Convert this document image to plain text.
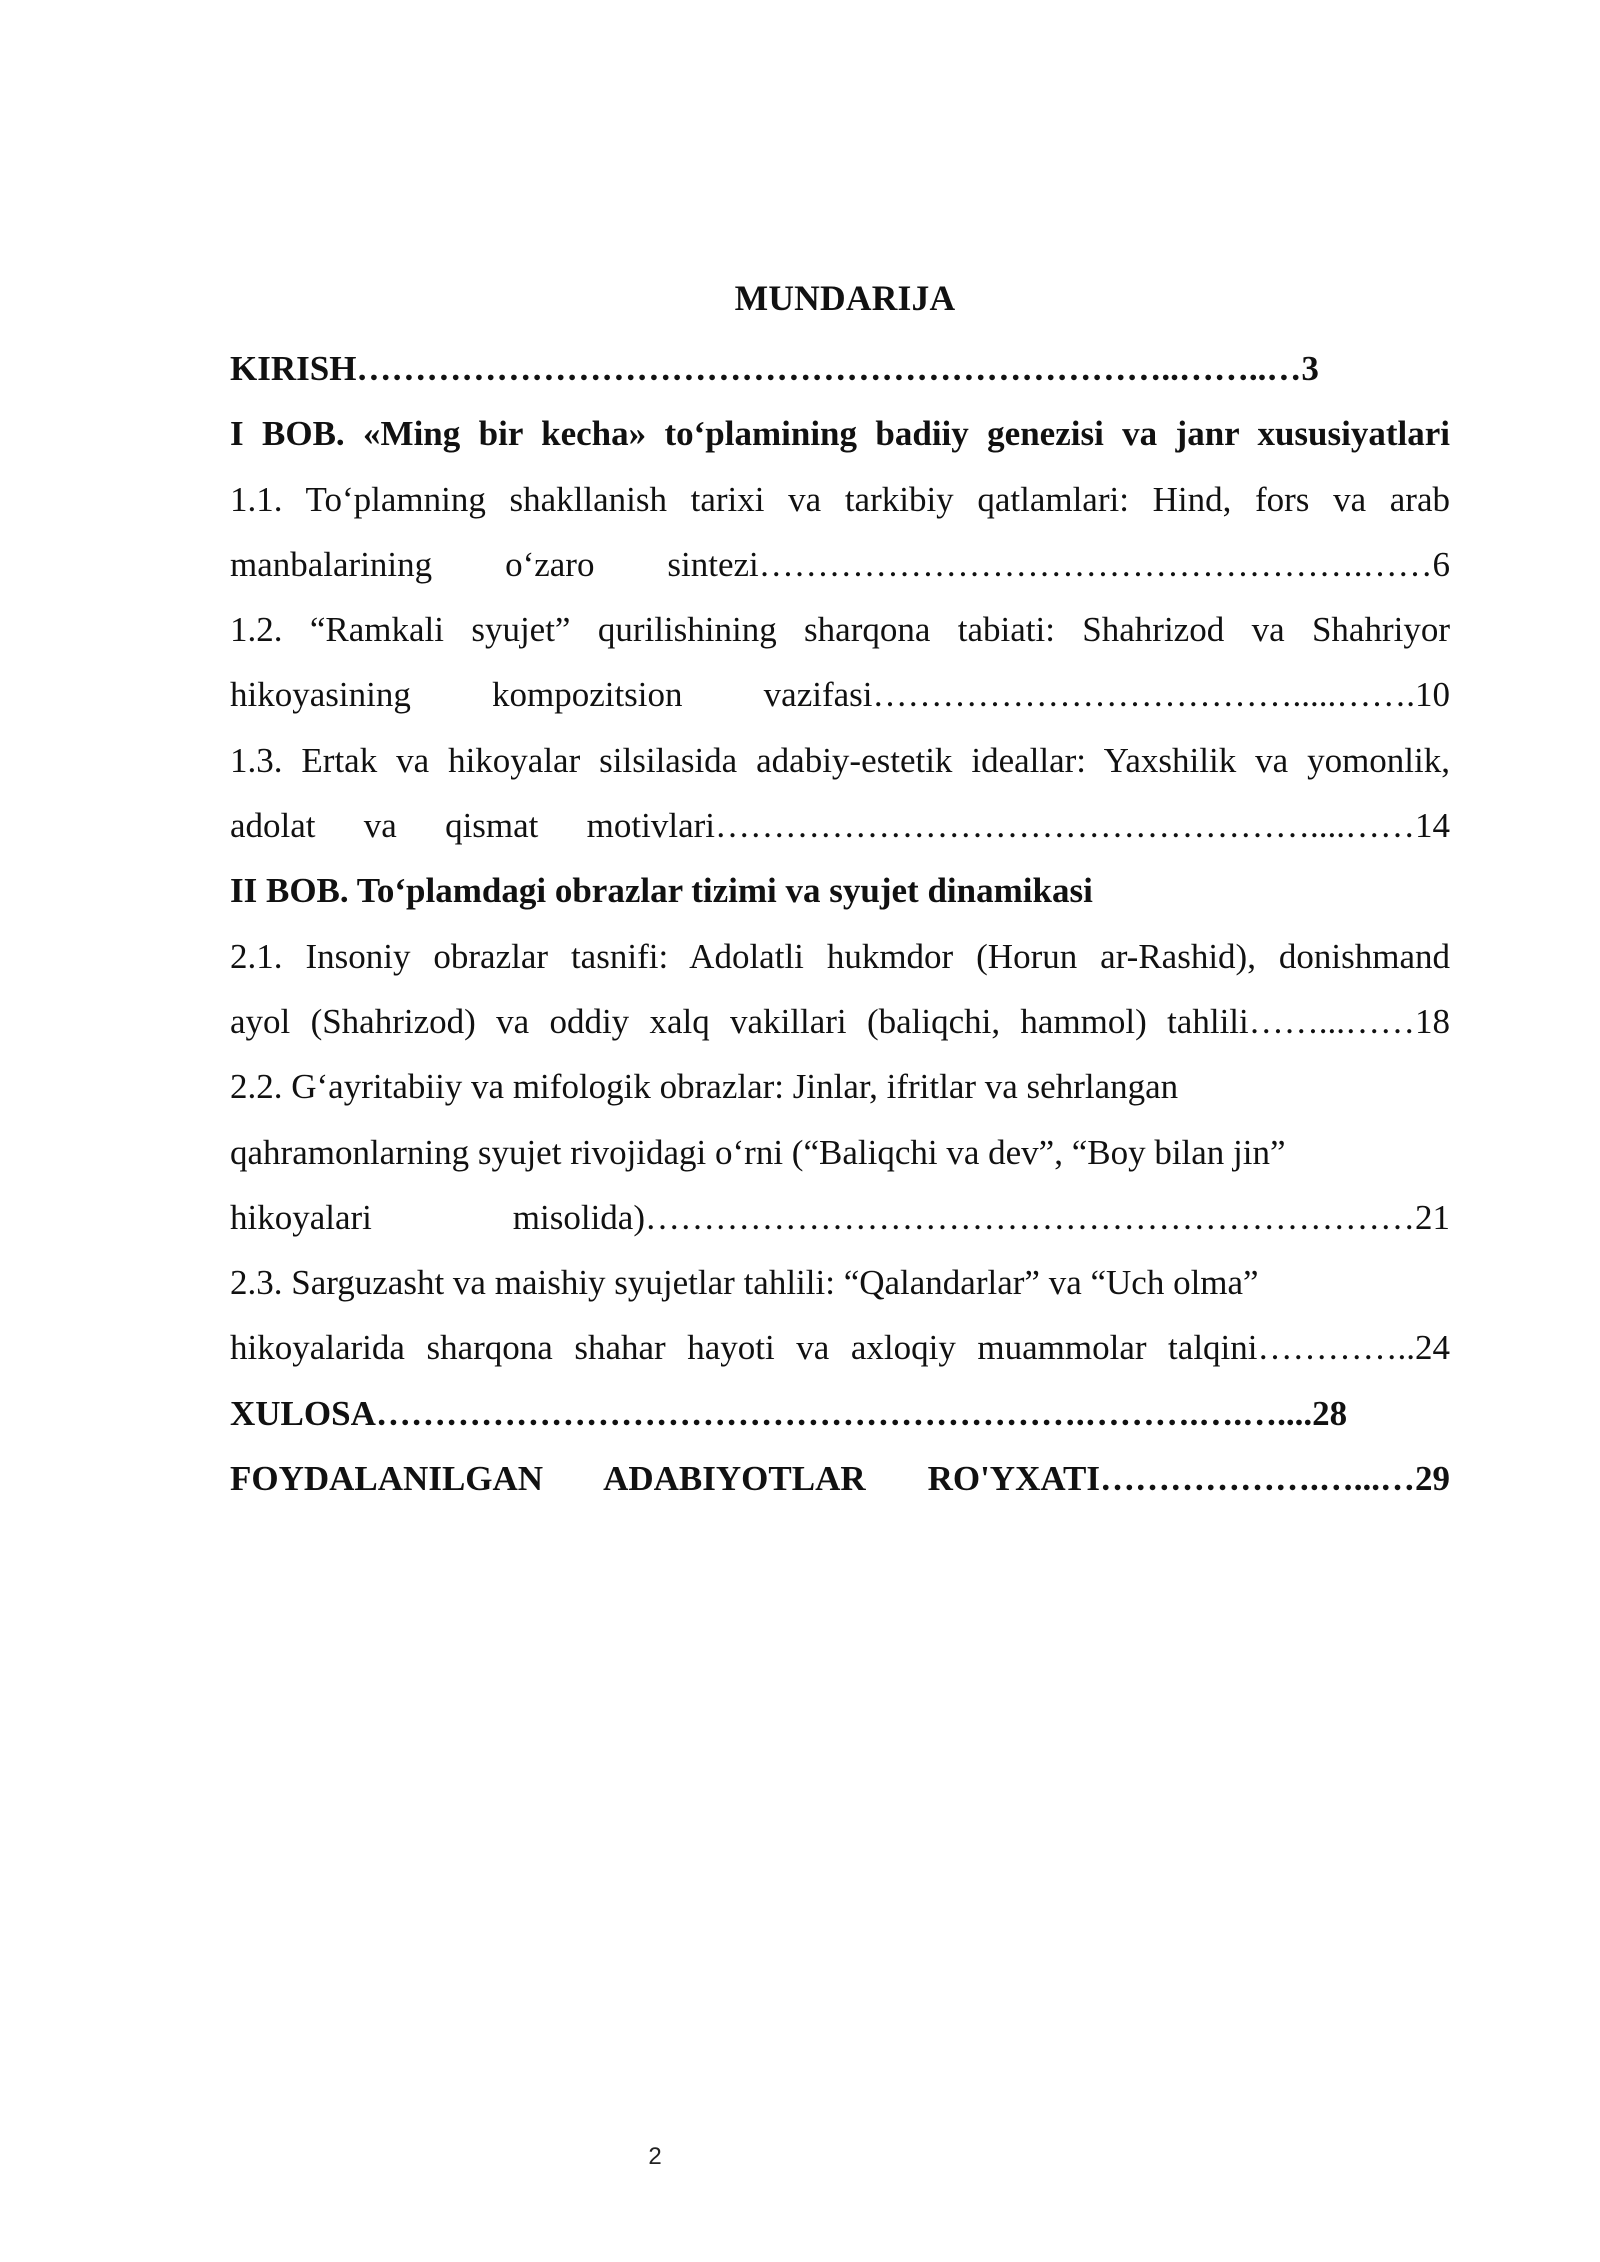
MUNDARIJA
KIRISH……………………………………………………………..……..…3
I BOB. «Ming bir kecha» to‘plamining badiiy genezisi va janr xususiyatlari
1.1. To‘plamning shakllanish tarixi va tarkibiy qatlamlari: Hind, fors va arab
manbalarining o‘zaro sintezi…………………………………………….……6
1.2. “Ramkali syujet” qurilishining sharqona tabiati: Shahrizod va Shahriyor
hikoyasining kompozitsion vazifasi……………………………….....…….10
1.3. Ertak va hikoyalar silsilasida adabiy-estetik ideallar: Yaxshilik va yomonlik,
adolat va qismat motivlari……………………………………………....……14
II BOB. To‘plamdagi obrazlar tizimi va syujet dinamikasi
2.1. Insoniy obrazlar tasnifi: Adolatli hukmdor (Horun ar-Rashid), donishmand
ayol (Shahrizod) va oddiy xalq vakillari (baliqchi, hammol) tahlili……...……18
2.2. G‘ayritabiiy va mifologik obrazlar: Jinlar, ifritlar va sehrlangan
qahramonlarning syujet rivojidagi o‘rni (“Baliqchi va dev”, “Boy bilan jin”
hikoyalari misolida)…………………………………………………………21
2.3. Sarguzasht va maishiy syujetlar tahlili: “Qalandarlar” va “Uch olma”
hikoyalarida sharqona shahar hayoti va axloqiy muammolar talqini…………..24
XULOSA…………………………………………………….……….….…....28
FOYDALANILGAN ADABIYOTLAR RO'YXATI……………….…...…29
2
